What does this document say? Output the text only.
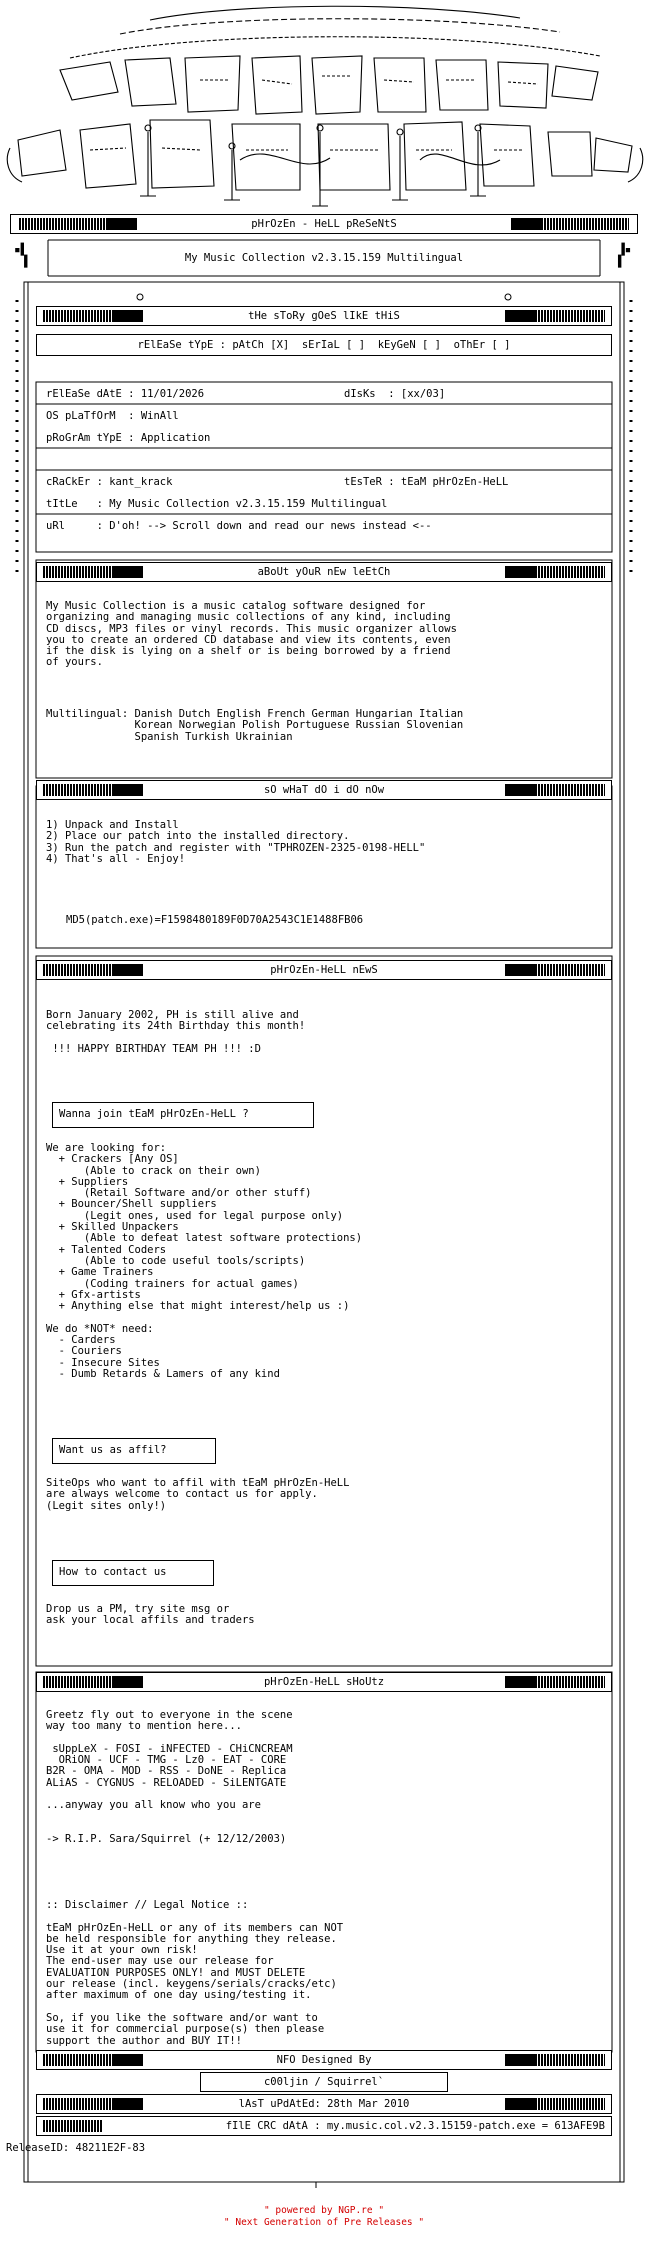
pHrOzEn - HeLL pReSeNtS
My Music Collection v2.3.15.159 Multilingual
▪▌
▐
▐▪
▌
tHe sToRy gOeS lIkE tHiS
rElEaSe tYpE : pAtCh [X]  sErIaL [ ]  kEyGeN [ ]  oThEr [ ]
rElEaSe dAtE : 11/01/2026	dIsKs  : [xx/03]
OS pLaTfOrM  : WinAll
pRoGrAm tYpE : Application
cRaCkEr : kant_krack	tEsTeR : tEaM pHrOzEn-HeLL
tItLe   : My Music Collection v2.3.15.159 Multilingual
uRl     : D'oh! --> Scroll down and read our news instead <--
aBoUt yOuR nEw leEtCh
My Music Collection is a music catalog software designed for
organizing and managing music collections of any kind, including
CD discs, MP3 files or vinyl records. This music organizer allows
you to create an ordered CD database and view its contents, even
if the disk is lying on a shelf or is being borrowed by a friend
of yours.
Multilingual: Danish Dutch English French German Hungarian Italian
Korean Norwegian Polish Portuguese Russian Slovenian
Spanish Turkish Ukrainian
sO wHaT dO i dO nOw
1) Unpack and Install
2) Place our patch into the installed directory.
3) Run the patch and register with "TPHROZEN-2325-0198-HELL"
4) That's all - Enjoy!
MD5(patch.exe)=F1598480189F0D70A2543C1E1488FB06
pHrOzEn-HeLL nEwS
Born January 2002, PH is still alive and
celebrating its 24th Birthday this month!

!!! HAPPY BIRTHDAY TEAM PH !!! :D
Wanna join tEaM pHrOzEn-HeLL ?
We are looking for:
+ Crackers [Any OS]
(Able to crack on their own)
+ Suppliers
(Retail Software and/or other stuff)
+ Bouncer/Shell suppliers
(Legit ones, used for legal purpose only)
+ Skilled Unpackers
(Able to defeat latest software protections)
+ Talented Coders
(Able to code useful tools/scripts)
+ Game Trainers
(Coding trainers for actual games)
+ Gfx-artists
+ Anything else that might interest/help us :)

We do *NOT* need:
- Carders
- Couriers
- Insecure Sites
- Dumb Retards & Lamers of any kind
Want us as affil?
SiteOps who want to affil with tEaM pHrOzEn-HeLL
are always welcome to contact us for apply.
(Legit sites only!)
How to contact us
Drop us a PM, try site msg or
ask your local affils and traders
pHrOzEn-HeLL sHoUtz
Greetz fly out to everyone in the scene
way too many to mention here...

sUppLeX - FOSI - iNFECTED - CHiCNCREAM
ORiON - UCF - TMG - Lz0 - EAT - CORE
B2R - OMA - MOD - RSS - DoNE - Replica
ALiAS - CYGNUS - RELOADED - SiLENTGATE

...anyway you all know who you are

-> R.I.P. Sara/Squirrel (+ 12/12/2003)
:: Disclaimer // Legal Notice ::

tEaM pHrOzEn-HeLL or any of its members can NOT
be held responsible for anything they release.
Use it at your own risk!
The end-user may use our release for
EVALUATION PURPOSES ONLY! and MUST DELETE
our release (incl. keygens/serials/cracks/etc)
after maximum of one day using/testing it.

So, if you like the software and/or want to
use it for commercial purpose(s) then please
support the author and BUY IT!!
NFO Designed By
c00ljin / Squirrel`
lAsT uPdAtEd: 28th Mar 2010
fIlE CRC dAtA : my.music.col.v2.3.15159-patch.exe = 613AFE9B
ReleaseID: 48211E2F-83
" powered by NGP.re "
" Next Generation of Pre Releases "
